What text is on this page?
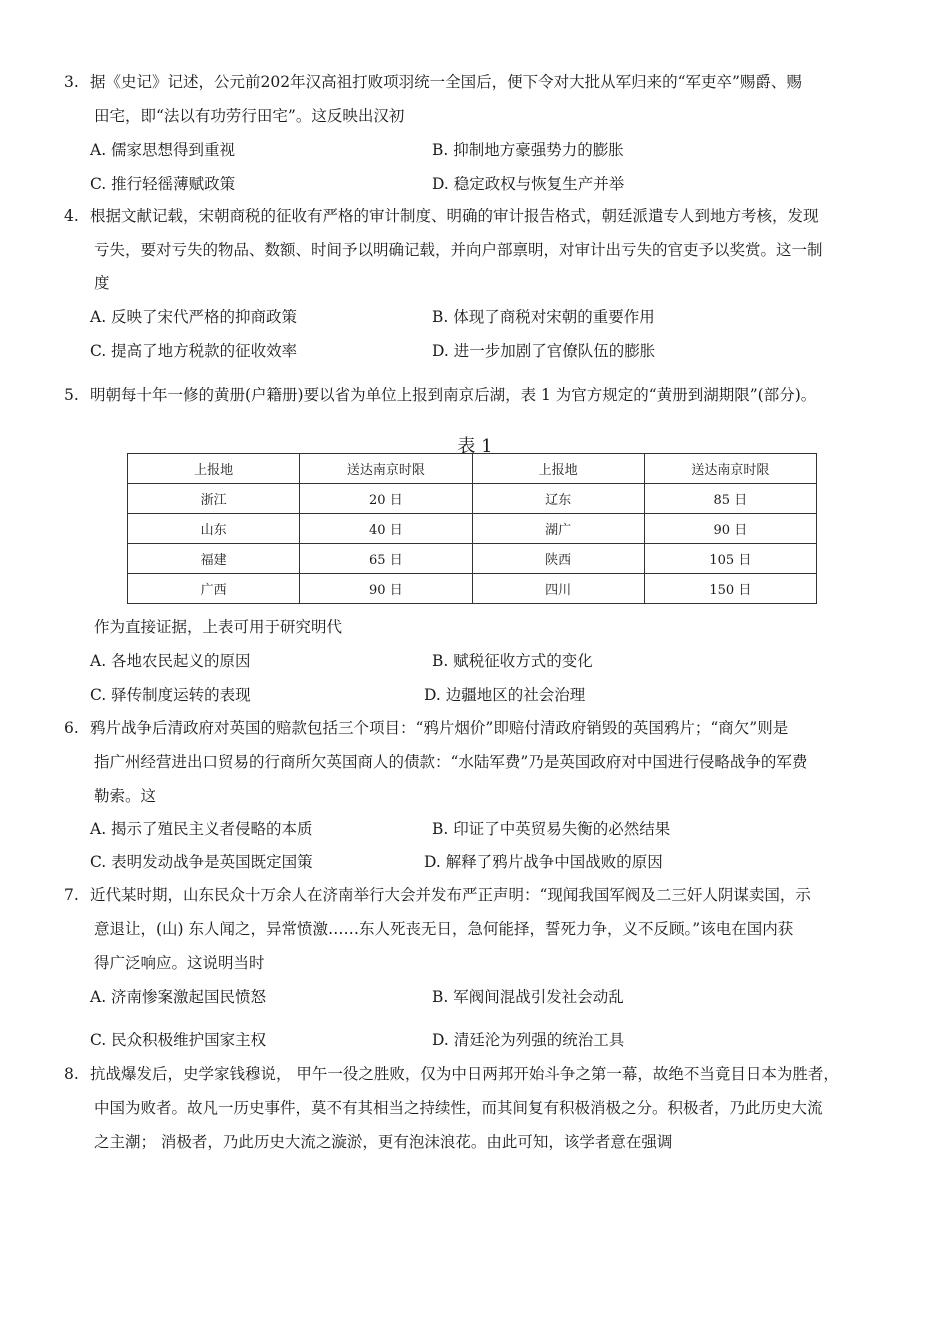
3. 据《史记》记述，公元前202年汉高祖打败项羽统一全国后，便下令对大批从军归来的“军吏卒”赐爵、赐
田宅，即“法以有功劳行田宅”。这反映出汉初
A. 儒家思想得到重视	B. 抑制地方豪强势力的膨胀
C. 推行轻徭薄赋政策	D. 稳定政权与恢复生产并举
4. 根据文献记载，宋朝商税的征收有严格的审计制度、明确的审计报告格式，朝廷派遣专人到地方考核，发现
亏失，要对亏失的物品、数额、时间予以明确记载，并向户部禀明，对审计出亏失的官吏予以奖赏。这一制
度
A. 反映了宋代严格的抑商政策	B. 体现了商税对宋朝的重要作用
C. 提高了地方税款的征收效率	D. 进一步加剧了官僚队伍的膨胀
5. 明朝每十年一修的黄册(户籍册)要以省为单位上报到南京后湖，表 1 为官方规定的“黄册到湖期限”(部分)。
表 1
上报地	送达南京时限	上报地	送达南京时限
浙江	20 日	辽东	85 日
山东	40 日	湖广	90 日
福建	65 日	陕西	105 日
广西	90 日	四川	150 日
作为直接证据，上表可用于研究明代
A. 各地农民起义的原因	B. 赋税征收方式的变化
C. 驿传制度运转的表现	D. 边疆地区的社会治理
6. 鸦片战争后清政府对英国的赔款包括三个项目：“鸦片烟价”即赔付清政府销毁的英国鸦片；“商欠”则是
指广州经营进出口贸易的行商所欠英国商人的债款：“水陆军费”乃是英国政府对中国进行侵略战争的军费
勒索。这
A. 揭示了殖民主义者侵略的本质	B. 印证了中英贸易失衡的必然结果
C. 表明发动战争是英国既定国策	D. 解释了鸦片战争中国战败的原因
7. 近代某时期，山东民众十万余人在济南举行大会并发布严正声明：“现闻我国军阀及二三奸人阴谋卖国，示
意退让，(山) 东人闻之，异常愤激……东人死丧无日，急何能择，誓死力争，义不反顾。”该电在国内获
得广泛响应。这说明当时
A. 济南惨案激起国民愤怒	B. 军阀间混战引发社会动乱
C. 民众积极维护国家主权	D. 清廷沦为列强的统治工具
8. 抗战爆发后，史学家钱穆说， 甲午一役之胜败，仅为中日两邦开始斗争之第一幕，故绝不当竟目日本为胜者，
中国为败者。故凡一历史事件，莫不有其相当之持续性，而其间复有积极消极之分。积极者，乃此历史大流
之主潮； 消极者，乃此历史大流之漩淤，更有泡沫浪花。由此可知，该学者意在强调
